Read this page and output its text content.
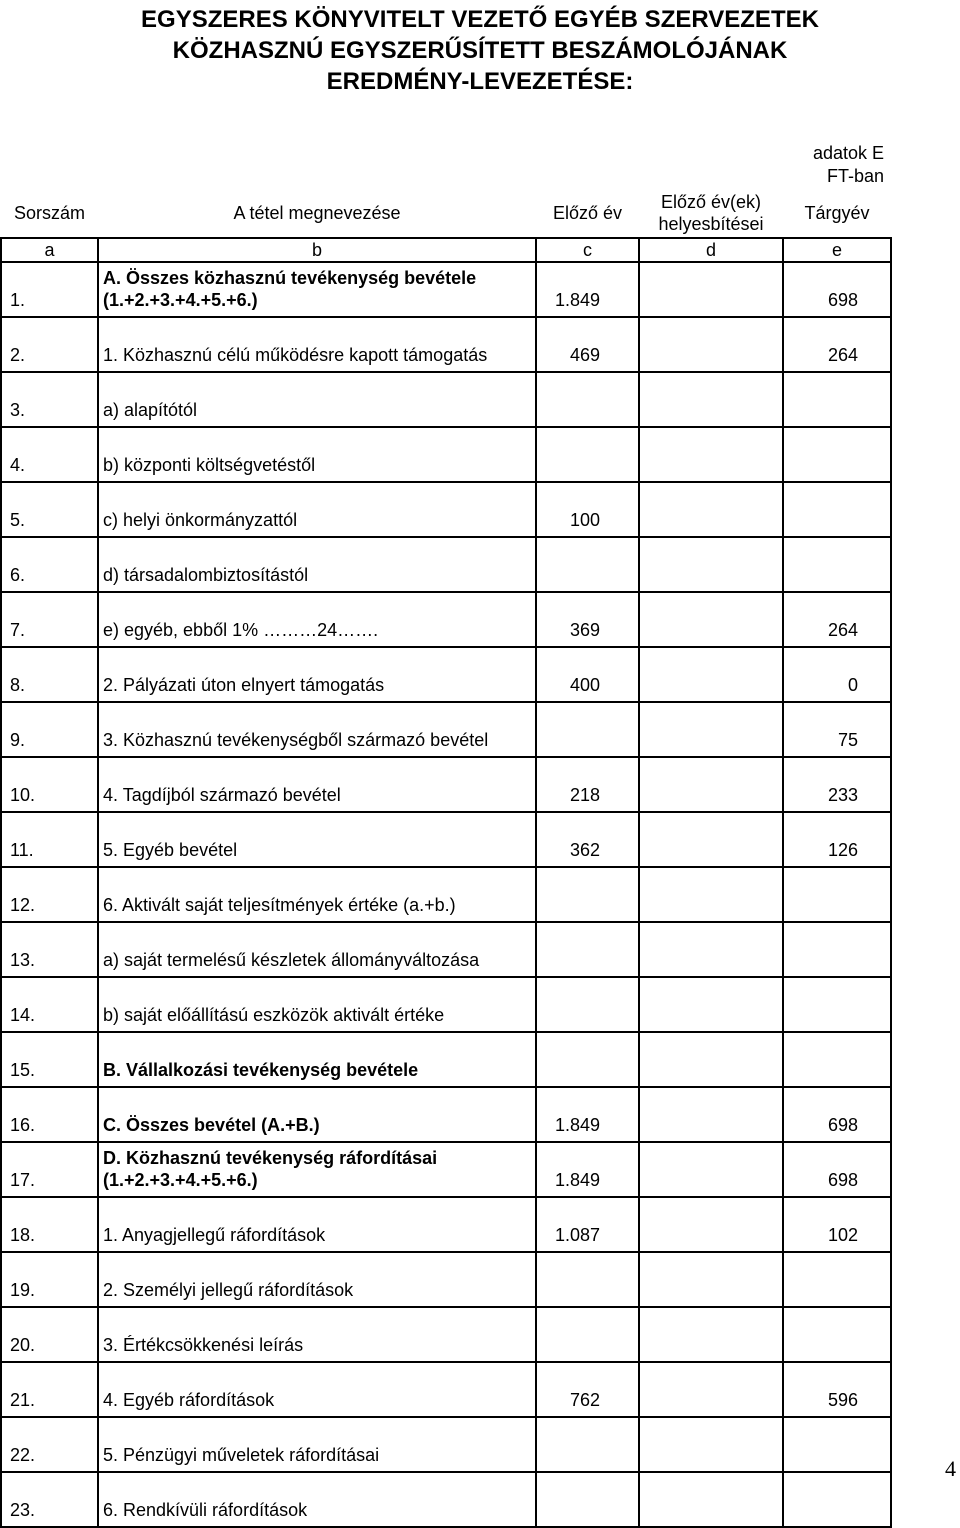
EGYSZERES KÖNYVITELT VEZETŐ EGYÉB SZERVEZETEK
KÖZHASZNÚ EGYSZERŰSÍTETT BESZÁMOLÓJÁNAK
EREDMÉNY-LEVEZETÉSE:
adatok E
FT-ban
Sorszám	A tétel megnevezése	Előző év	Előző év(ek)
helyesbítései	Tárgyév
a	b	c	d	e
1.	A. Összes közhasznú tevékenység bevétele
(1.+2.+3.+4.+5.+6.)	1.849		698
2.	1. Közhasznú célú működésre kapott támogatás	469		264
3.	a) alapítótól			
4.	b) központi költségvetéstől			
5.	c) helyi önkormányzattól	100		
6.	d) társadalombiztosítástól			
7.	e) egyéb, ebből 1% ………24…….	369		264
8.	2. Pályázati úton elnyert támogatás	400		0
9.	3. Közhasznú tevékenységből származó bevétel			75
10.	4. Tagdíjból származó bevétel	218		233
11.	5. Egyéb bevétel	362		126
12.	6. Aktivált saját teljesítmények értéke (a.+b.)			
13.	a) saját termelésű készletek állományváltozása			
14.	b) saját előállítású eszközök aktivált értéke			
15.	B. Vállalkozási tevékenység bevétele			
16.	C. Összes bevétel (A.+B.)	1.849		698
17.	D. Közhasznú tevékenység ráfordításai
(1.+2.+3.+4.+5.+6.)	1.849		698
18.	1. Anyagjellegű ráfordítások	1.087		102
19.	2. Személyi jellegű ráfordítások			
20.	3. Értékcsökkenési leírás			
21.	4. Egyéb ráfordítások	762		596
22.	5. Pénzügyi műveletek ráfordításai			
23.	6. Rendkívüli ráfordítások			
4
